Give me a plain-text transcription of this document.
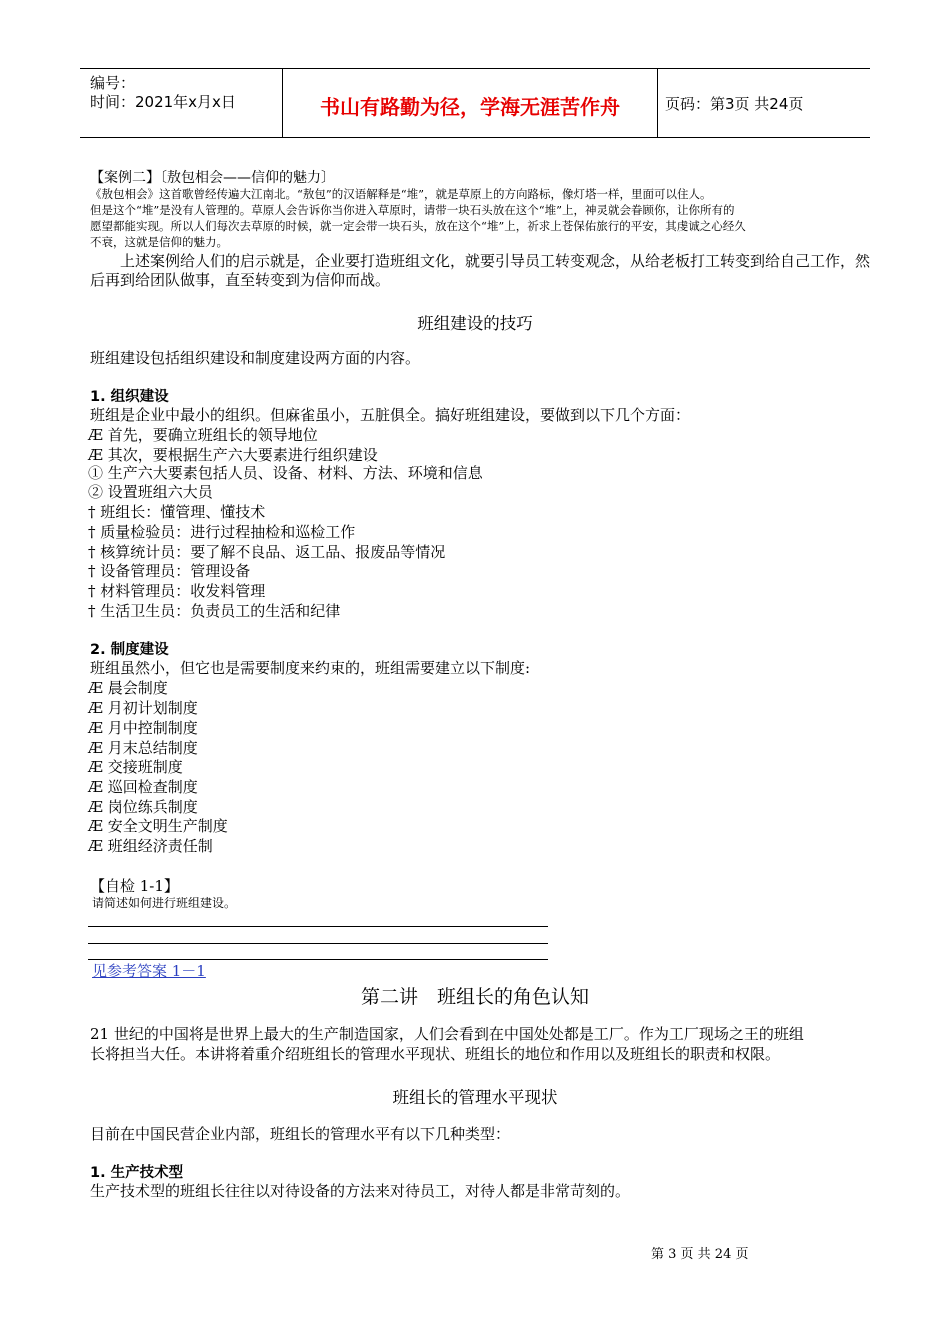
编号：
时间：2021年x月x日	书山有路勤为径，学海无涯苦作舟	页码：第3页 共24页
【案例二】〔敖包相会——信仰的魅力〕
《敖包相会》这首歌曾经传遍大江南北。“敖包”的汉语解释是“堆”，就是草原上的方向路标，像灯塔一样，里面可以住人。
但是这个“堆”是没有人管理的。草原人会告诉你当你进入草原时，请带一块石头放在这个“堆”上，神灵就会眷顾你，让你所有的
愿望都能实现。所以人们每次去草原的时候，就一定会带一块石头，放在这个“堆”上，祈求上苍保佑旅行的平安，其虔诚之心经久
不衰，这就是信仰的魅力。
上述案例给人们的启示就是，企业要打造班组文化，就要引导员工转变观念，从给老板打工转变到给自己工作，然
后再到给团队做事，直至转变到为信仰而战。
班组建设的技巧
班组建设包括组织建设和制度建设两方面的内容。
1. 组织建设
班组是企业中最小的组织。但麻雀虽小，五脏俱全。搞好班组建设，要做到以下几个方面：
Æ 首先，要确立班组长的领导地位
Æ 其次，要根据生产六大要素进行组织建设
① 生产六大要素包括人员、设备、材料、方法、环境和信息
② 设置班组六大员
† 班组长：懂管理、懂技术
† 质量检验员：进行过程抽检和巡检工作
† 核算统计员：要了解不良品、返工品、报废品等情况
† 设备管理员：管理设备
† 材料管理员：收发料管理
† 生活卫生员：负责员工的生活和纪律
2. 制度建设
班组虽然小，但它也是需要制度来约束的，班组需要建立以下制度:
Æ 晨会制度
Æ 月初计划制度
Æ 月中控制制度
Æ 月末总结制度
Æ 交接班制度
Æ 巡回检查制度
Æ 岗位练兵制度
Æ 安全文明生产制度
Æ 班组经济责任制
【自检 1-1】
请简述如何进行班组建设。
见参考答案 1－1
第二讲　班组长的角色认知
21 世纪的中国将是世界上最大的生产制造国家，人们会看到在中国处处都是工厂。作为工厂现场之王的班组
长将担当大任。本讲将着重介绍班组长的管理水平现状、班组长的地位和作用以及班组长的职责和权限。
班组长的管理水平现状
目前在中国民营企业内部，班组长的管理水平有以下几种类型：
1. 生产技术型
生产技术型的班组长往往以对待设备的方法来对待员工，对待人都是非常苛刻的。
第 3 页 共 24 页
